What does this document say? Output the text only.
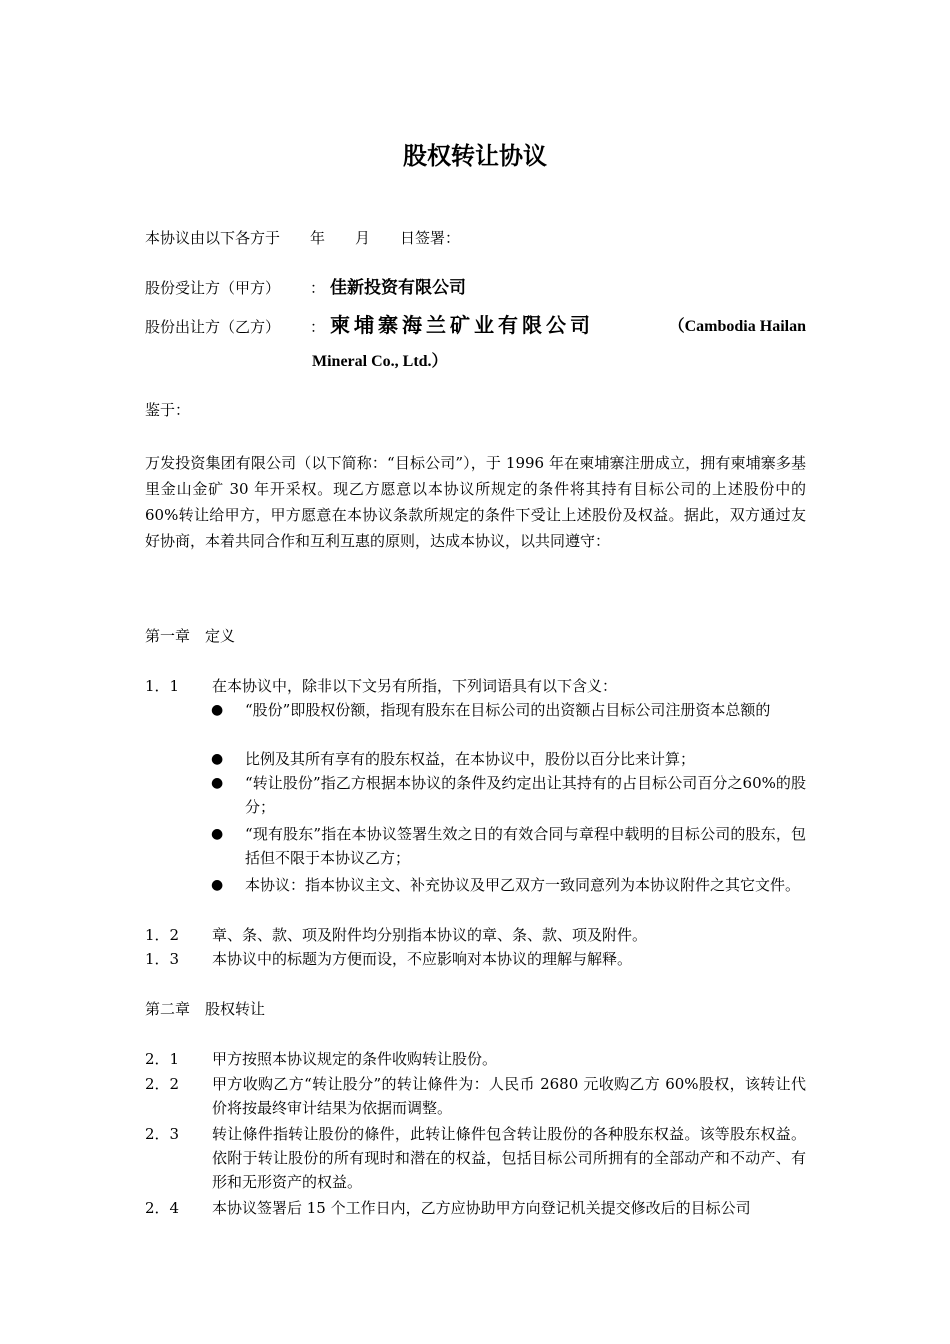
股权转让协议
本协议由以下各方于　　年　　月　　日签署：
股份受让方（甲方） ： 佳新投资有限公司
股份出让方（乙方） ： 柬埔寨海兰矿业有限公司	（Cambodia Hailan
Mineral Co., Ltd.）
鉴于：
万发投资集团有限公司（以下简称：“目标公司”），于 1996 年在柬埔寨注册成立，拥有柬埔寨多基里金山金矿 30 年开采权。现乙方愿意以本协议所规定的条件将其持有目标公司的上述股份中的 60%转让给甲方，甲方愿意在本协议条款所规定的条件下受让上述股份及权益。据此，双方通过友好协商，本着共同合作和互利互惠的原则，达成本协议，以共同遵守：
第一章　定义
1．1 在本协议中，除非以下文另有所指，下列词语具有以下含义：
● “股份”即股权份额，指现有股东在目标公司的出资额占目标公司注册资本总额的
● 比例及其所有享有的股东权益，在本协议中，股份以百分比来计算；
● “转让股份”指乙方根据本协议的条件及约定出让其持有的占目标公司百分之60%的股分；
● “现有股东”指在本协议签署生效之日的有效合同与章程中载明的目标公司的股东，包括但不限于本协议乙方；
● 本协议：指本协议主文、补充协议及甲乙双方一致同意列为本协议附件之其它文件。
1．2 章、条、款、项及附件均分别指本协议的章、条、款、项及附件。
1．3 本协议中的标题为方便而设，不应影响对本协议的理解与解释。
第二章　股权转让
2．1 甲方按照本协议规定的条件收购转让股份。
2．2 甲方收购乙方“转让股分”的转让條件为：人民币 2680 元收购乙方 60%股权，该转让代价将按最终审计结果为依据而调整。
2．3 转让條件指转让股份的條件，此转让條件包含转让股份的各种股东权益。该等股东权益。依附于转让股份的所有现时和潜在的权益，包括目标公司所拥有的全部动产和不动产、有形和无形资产的权益。
2．4 本协议签署后 15 个工作日内，乙方应协助甲方向登记机关提交修改后的目标公司
